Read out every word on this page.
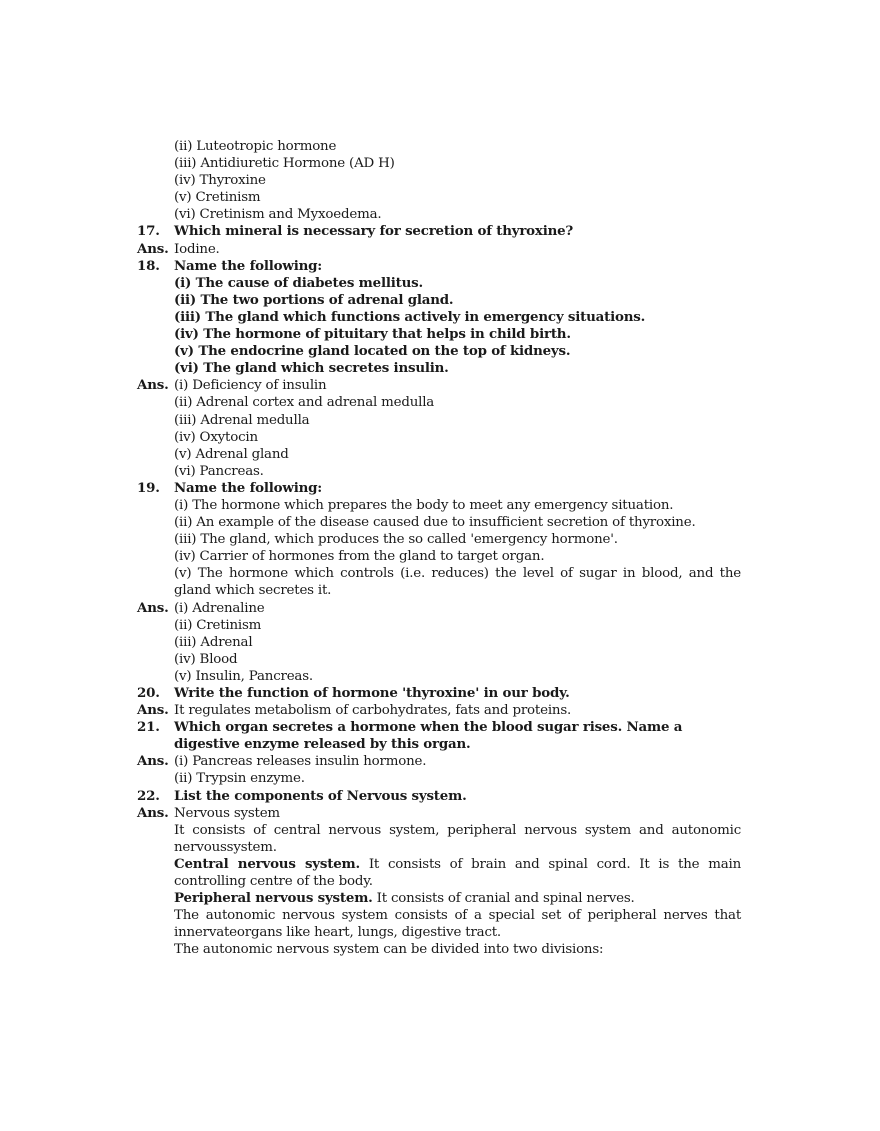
(ii) Luteotropic hormone
(iii) Antidiuretic Hormone (AD H)
(iv) Thyroxine
(v) Cretinism
(vi) Cretinism and Myxoedema.
17. Which mineral is necessary for secretion of thyroxine?
Ans. Iodine.
18. Name the following:
(i) The cause of diabetes mellitus.
(ii) The two portions of adrenal gland.
(iii) The gland which functions actively in emergency situations.
(iv) The hormone of pituitary that helps in child birth.
(v) The endocrine gland located on the top of kidneys.
(vi) The gland which secretes insulin.
Ans. (i) Deficiency of insulin
(ii) Adrenal cortex and adrenal medulla
(iii) Adrenal medulla
(iv) Oxytocin
(v) Adrenal gland
(vi) Pancreas.
19. Name the following:
(i) The hormone which prepares the body to meet any emergency situation.
(ii) An example of the disease caused due to insufficient secretion of thyroxine.
(iii) The gland, which produces the so called 'emergency hormone'.
(iv) Carrier of hormones from the gland to target organ.
(v) The hormone which controls (i.e. reduces) the level of sugar in blood, and the gland which secretes it.
Ans. (i) Adrenaline
(ii) Cretinism
(iii) Adrenal
(iv) Blood
(v) Insulin, Pancreas.
20. Write the function of hormone 'thyroxine' in our body.
Ans. It regulates metabolism of carbohydrates, fats and proteins.
21. Which organ secretes a hormone when the blood sugar rises. Name a digestive enzyme released by this organ.
Ans. (i) Pancreas releases insulin hormone.
(ii) Trypsin enzyme.
22. List the components of Nervous system.
Ans. Nervous system
It consists of central nervous system, peripheral nervous system and autonomic nervoussystem.
Central nervous system. It consists of brain and spinal cord. It is the main controlling centre of the body.
Peripheral nervous system. It consists of cranial and spinal nerves.
The autonomic nervous system consists of a special set of peripheral nerves that innervateorgans like heart, lungs, digestive tract.
The autonomic nervous system can be divided into two divisions:
